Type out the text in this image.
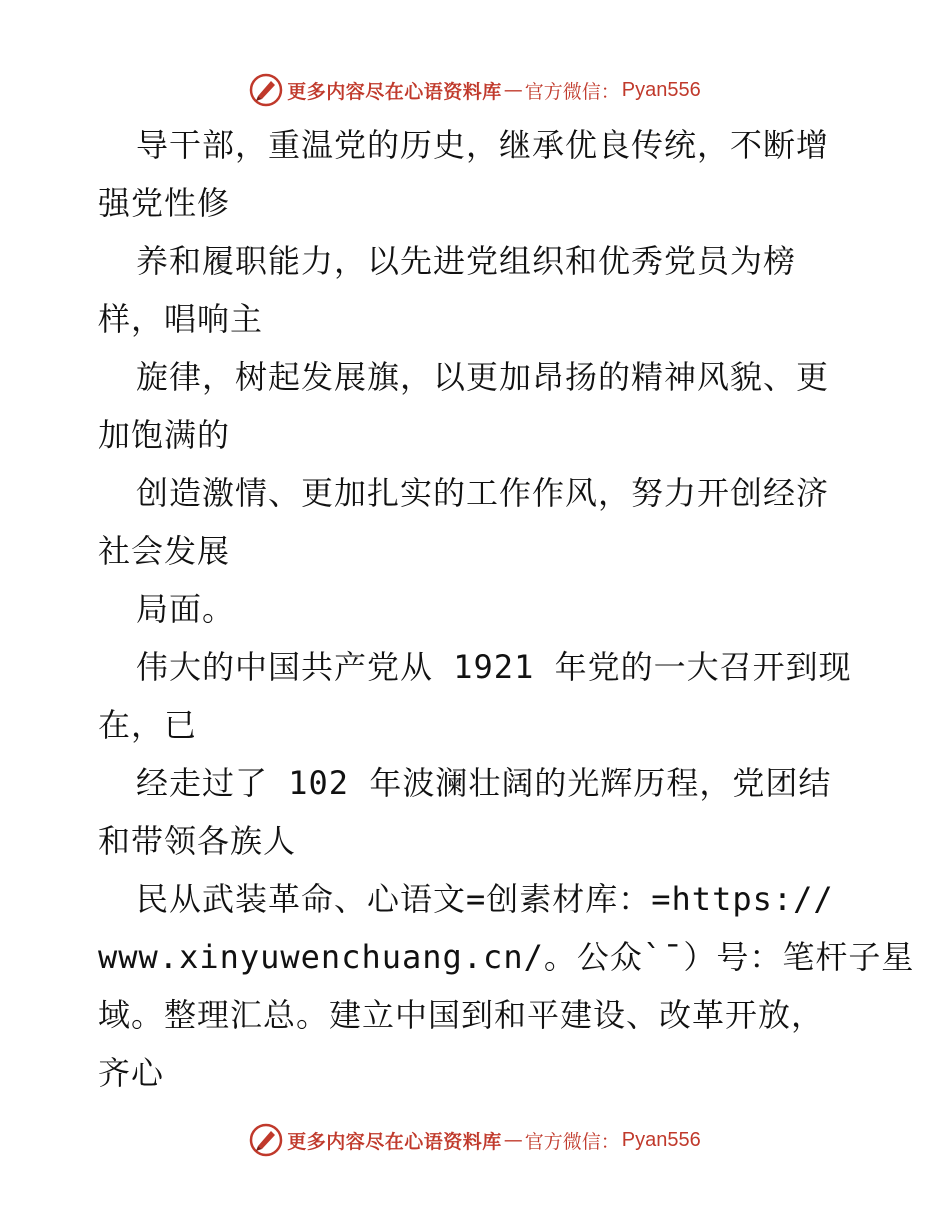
更多内容尽在心语资料库 — 官方微信： Pyan556
导干部，重温党的历史，继承优良传统，不断增
强党性修
养和履职能力，以先进党组织和优秀党员为榜
样，唱响主
旋律，树起发展旗，以更加昂扬的精神风貌、更
加饱满的
创造激情、更加扎实的工作作风，努力开创经济
社会发展
局面。
伟大的中国共产党从 1921 年党的一大召开到现
在，已
经走过了 102 年波澜壮阔的光辉历程，党团结
和带领各族人
民从武装革命、心语文=创素材库：=https://
www.xinyuwenchuang.cn/。公众`¯）号：笔杆子星
域。整理汇总。建立中国到和平建设、改革开放，
齐心
更多内容尽在心语资料库 — 官方微信： Pyan556
